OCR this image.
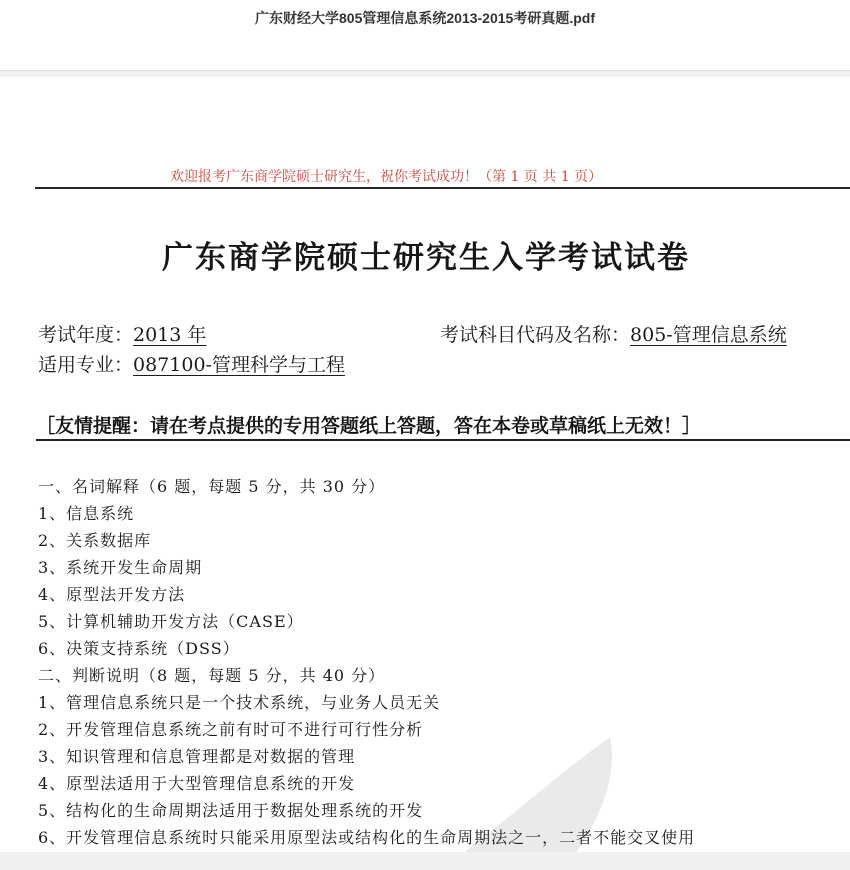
广东财经大学805管理信息系统2013-2015考研真题.pdf
欢迎报考广东商学院硕士研究生，祝你考试成功！（第 1 页 共 1 页）
广东商学院硕士研究生入学考试试卷
考试年度：2013 年	考试科目代码及名称：805-管理信息系统
适用专业：087100-管理科学与工程
［友情提醒：请在考点提供的专用答题纸上答题，答在本卷或草稿纸上无效！］
一、名词解释（6 题，每题 5 分，共 30 分）
1、信息系统
2、关系数据库
3、系统开发生命周期
4、原型法开发方法
5、计算机辅助开发方法（CASE）
6、决策支持系统（DSS）
二、判断说明（8 题，每题 5 分，共 40 分）
1、管理信息系统只是一个技术系统，与业务人员无关
2、开发管理信息系统之前有时可不进行可行性分析
3、知识管理和信息管理都是对数据的管理
4、原型法适用于大型管理信息系统的开发
5、结构化的生命周期法适用于数据处理系统的开发
6、开发管理信息系统时只能采用原型法或结构化的生命周期法之一，二者不能交叉使用
